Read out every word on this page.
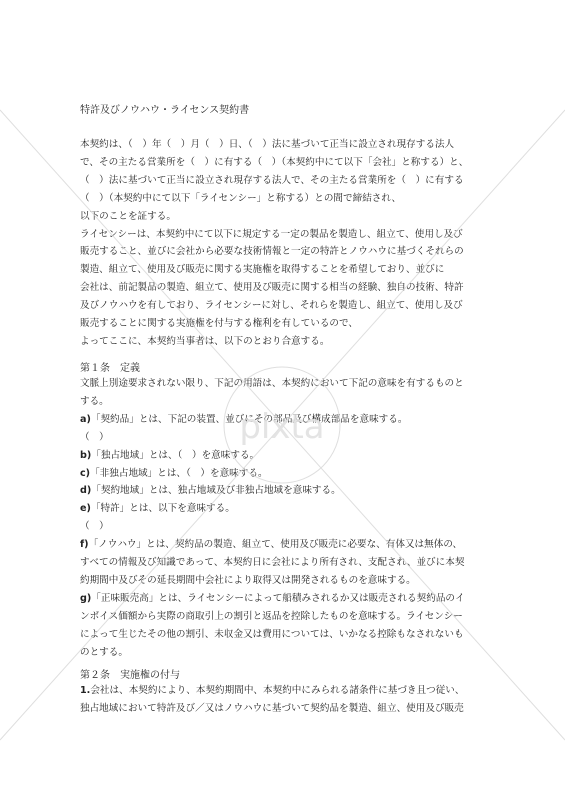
特許及びノウハウ・ライセンス契約書

本契約は、（　）年（　）月（　）日、（　）法に基づいて正当に設立され現存する法人

で、その主たる営業所を（　）に有する（　）（本契約中にて以下「会社」と称する）と、

（　）法に基づいて正当に設立され現存する法人で、その主たる営業所を（　）に有する

（　）（本契約中にて以下「ライセンシー」と称する）との間で締結され、

以下のことを証する。

ライセンシーは、本契約中にて以下に規定する一定の製品を製造し、組立て、使用し及び

販売すること、並びに会社から必要な技術情報と一定の特許とノウハウに基づくそれらの

製造、組立て、使用及び販売に関する実施権を取得することを希望しており、並びに

会社は、前記製品の製造、組立て、使用及び販売に関する相当の経験、独自の技術、特許

及びノウハウを有しており、ライセンシーに対し、それらを製造し、組立て、使用し及び

販売することに関する実施権を付与する権利を有しているので、

よってここに、本契約当事者は、以下のとおり合意する。

第１条　定義

文脈上別途要求されない限り、下記の用語は、本契約において下記の意味を有するものと

する。

a)「契約品」とは、下記の装置、並びにその部品及び構成部品を意味する。

（　）

b)「独占地域」とは、（　）を意味する。

c)「非独占地域」とは、（　）を意味する。

d)「契約地域」とは、独占地域及び非独占地域を意味する。

e)「特許」とは、以下を意味する。

（　）

f)「ノウハウ」とは、契約品の製造、組立て、使用及び販売に必要な、有体又は無体の、

すべての情報及び知識であって、本契約日に会社により所有され、支配され、並びに本契

約期間中及びその延長期間中会社により取得又は開発されるものを意味する。

g)「正味販売高」とは、ライセンシーによって船積みされるか又は販売される契約品のイ

ンボイス価額から実際の商取引上の割引と返品を控除したものを意味する。ライセンシー

によって生じたその他の割引、未収金又は費用については、いかなる控除もなされないも

のとする。

第２条　実施権の付与

1.会社は、本契約により、本契約期間中、本契約中にみられる諸条件に基づき且つ従い、

独占地域において特許及び／又はノウハウに基づいて契約品を製造、組立、使用及び販売

pixta
